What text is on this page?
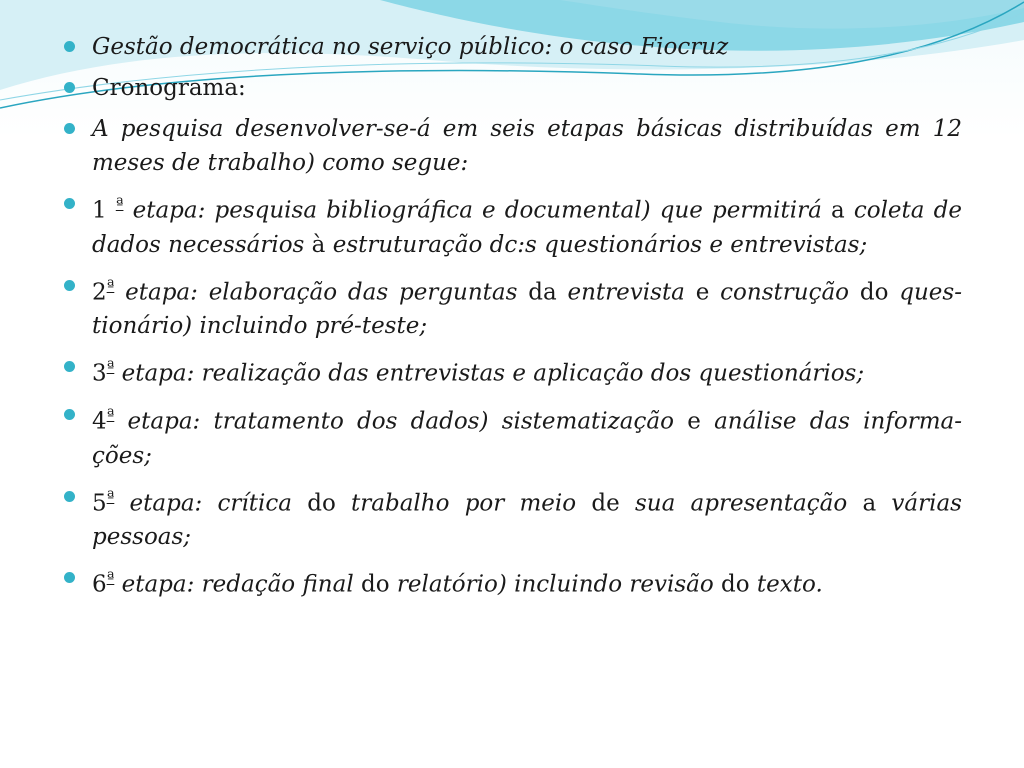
Gestão democrática no serviço público: o caso Fiocruz
Cronograma:
A pesquisa desenvolver-se-á em seis etapas básicas distribuídas em 12 meses de trabalho) como segue:
1 $^ª$ etapa: pesquisa bibliográfica e documental) que permitirá a coleta de dados necessários à estruturação dc:s questionários e entrevistas;
$2^ª$ etapa: elaboração das perguntas da entrevista e construção do ques-tionário) incluindo pré-teste;
$3^ª$ etapa: realização das entrevistas e aplicação dos questionários;
$4^ª$ etapa: tratamento dos dados) sistematização e análise das informa-ções;
$5^ª$ etapa: crítica do trabalho por meio de sua apresentação a várias pessoas;
$6^ª$ etapa: redação final do relatório) incluindo revisão do texto.
